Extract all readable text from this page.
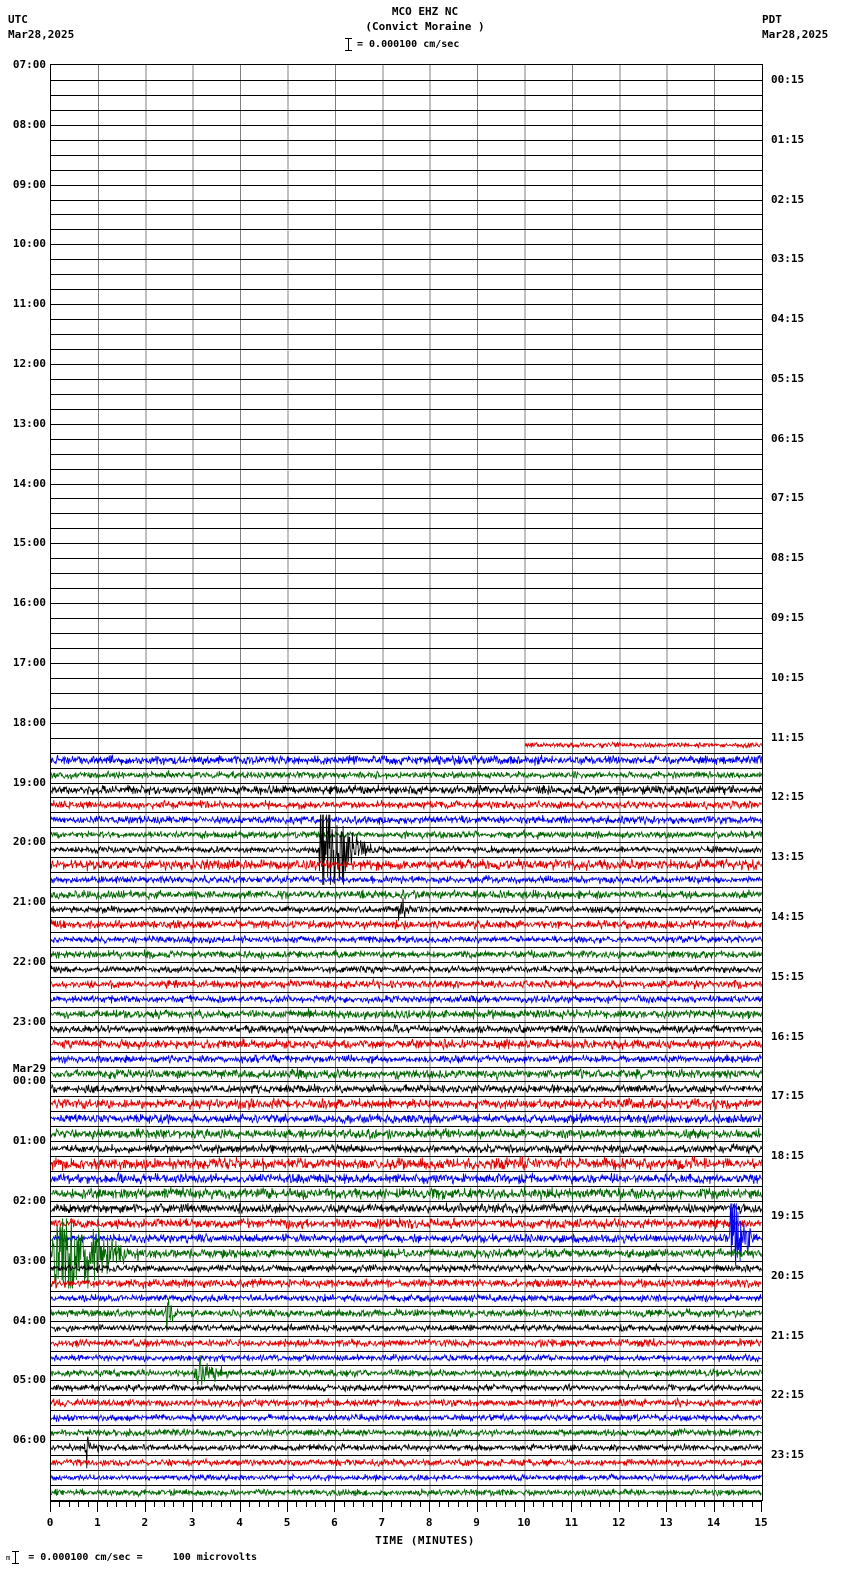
UTC
Mar28,2025
MCO EHZ NC
(Convict Moraine )
PDT
Mar28,2025
= 0.000100 cm/sec
07:00
08:00
09:00
10:00
11:00
12:00
13:00
14:00
15:00
16:00
17:00
18:00
19:00
20:00
21:00
22:00
23:00
00:00
Mar29
01:00
02:00
03:00
04:00
05:00
06:00
00:15
01:15
02:15
03:15
04:15
05:15
06:15
07:15
08:15
09:15
10:15
11:15
12:15
13:15
14:15
15:15
16:15
17:15
18:15
19:15
20:15
21:15
22:15
23:15
0	1	2	3	4	5	6	7	8	9	10	11	12	13	14	15
TIME (MINUTES)
m = 0.000100 cm/sec =     100 microvolts
